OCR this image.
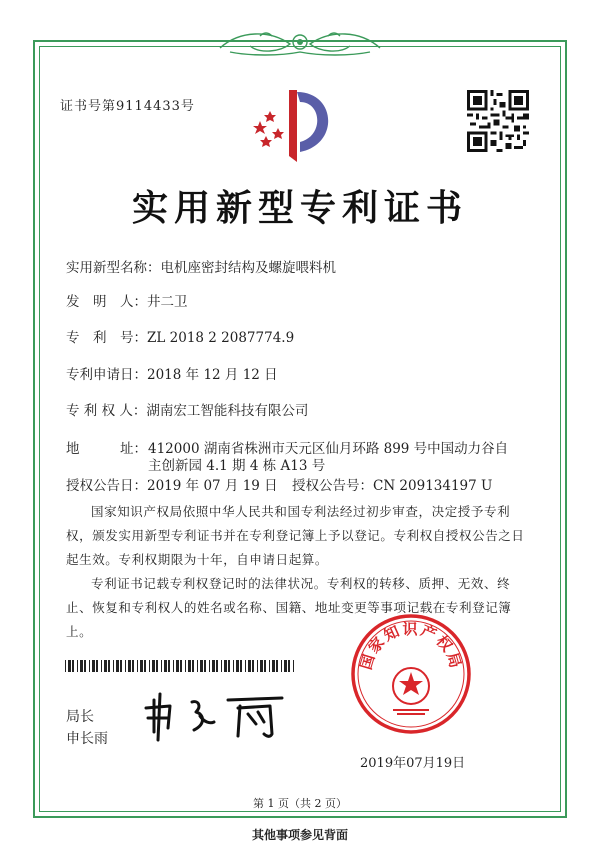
证书号第9114433号
实用新型专利证书
实用新型名称：电机座密封结构及螺旋喂料机
发　明　人：井二卫
专　利　号：ZL 2018 2 2087774.9
专利申请日：2018 年 12 月 12 日
专 利 权 人：湖南宏工智能科技有限公司
地　　　址： 412000 湖南省株洲市天元区仙月环路 899 号中国动力谷自
主创新园 4.1 期 4 栋 A13 号
授权公告日：2019 年 07 月 19 日 授权公告号：CN 209134197 U
国家知识产权局依照中华人民共和国专利法经过初步审查，决定授予专利权，颁发实用新型专利证书并在专利登记簿上予以登记。专利权自授权公告之日起生效。专利权期限为十年，自申请日起算。
专利证书记载专利权登记时的法律状况。专利权的转移、质押、无效、终止、恢复和专利权人的姓名或名称、国籍、地址变更等事项记载在专利登记簿上。
局长
申长雨
国家知识产权局
2019年07月19日
第 1 页（共 2 页）
其他事项参见背面
